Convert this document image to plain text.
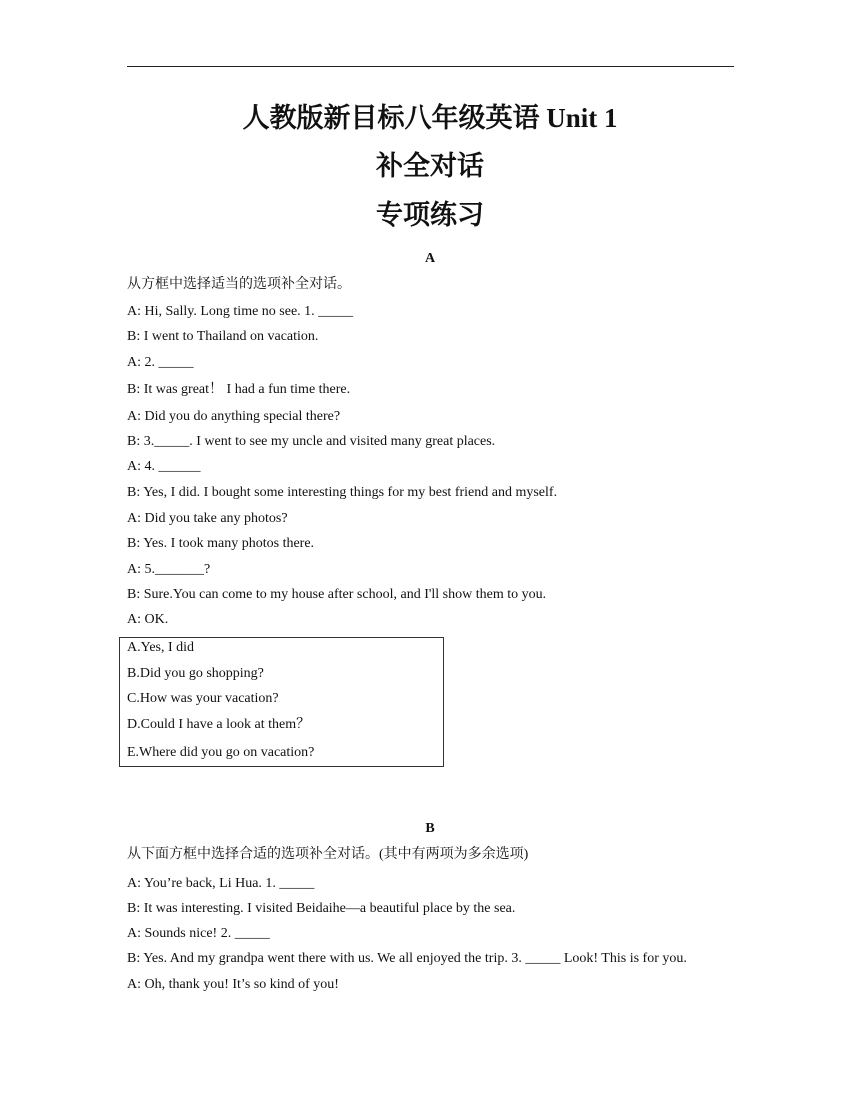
人教版新目标八年级英语 Unit 1
补全对话
专项练习
A
从方框中选择适当的选项补全对话。
A: Hi, Sally. Long time no see. 1. _____
B: I went to Thailand on vacation.
A: 2. _____
B: It was great！ I had a fun time there.
A: Did you do anything special there?
B: 3._____. I went to see my uncle and visited many great places.
A: 4. ______
B: Yes, I did. I bought some interesting things for my best friend and myself.
A: Did you take any photos?
B: Yes. I took many photos there.
A: 5._______?
B: Sure.You can come to my house after school, and I'll show them to you.
A: OK.
A.Yes, I did
B.Did you go shopping?
C.How was your vacation?
D.Could I have a look at them？
E.Where did you go on vacation?
B
从下面方框中选择合适的选项补全对话。(其中有两项为多余选项)
A: You’re back, Li Hua. 1. _____
B: It was interesting. I visited Beidaihe—a beautiful place by the sea.
A: Sounds nice! 2. _____
B: Yes. And my grandpa went there with us. We all enjoyed the trip. 3. _____ Look! This is for you.
A: Oh, thank you! It’s so kind of you!
